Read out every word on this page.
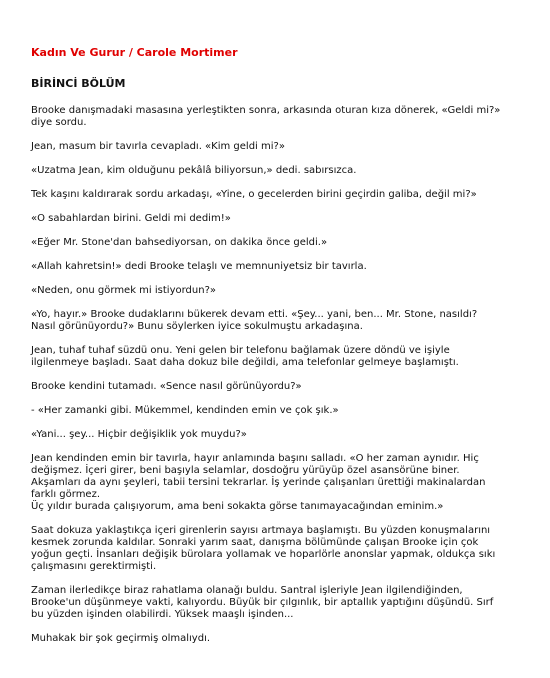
Kadın Ve Gurur / Carole Mortimer
BİRİNCİ BÖLÜM

Brooke danışmadaki masasına yerleştikten sonra, arkasında oturan kıza dönerek, «Geldi mi?»
diye sordu.

Jean, masum bir tavırla cevapladı. «Kim geldi mi?»

«Uzatma Jean, kim olduğunu pekâlâ biliyorsun,» dedi. sabırsızca.

Tek kaşını kaldırarak sordu arkadaşı, «Yine, o gecelerden birini geçirdin galiba, değil mi?»

«O sabahlardan birini. Geldi mi dedim!»

«Eğer Mr. Stone'dan bahsediyorsan, on dakika önce geldi.»

«Allah kahretsin!» dedi Brooke telaşlı ve memnuniyetsiz bir tavırla.

«Neden, onu görmek mi istiyordun?»

«Yo, hayır.» Brooke dudaklarını bükerek devam etti. «Şey... yani, ben... Mr. Stone, nasıldı?
Nasıl görünüyordu?» Bunu söylerken iyice sokulmuştu arkadaşına.

Jean, tuhaf tuhaf süzdü onu. Yeni gelen bir telefonu bağlamak üzere döndü ve işiyle
ilgilenmeye başladı. Saat daha dokuz bile değildi, ama telefonlar gelmeye başlamıştı.

Brooke kendini tutamadı. «Sence nasıl görünüyordu?»

- «Her zamanki gibi. Mükemmel, kendinden emin ve çok şık.»

«Yani... şey... Hiçbir değişiklik yok muydu?»

Jean kendinden emin bir tavırla, hayır anlamında başını salladı. «O her zaman aynıdır. Hiç
değişmez. İçeri girer, beni başıyla selamlar, dosdoğru yürüyüp özel asansörüne biner.
Akşamları da aynı şeyleri, tabii tersini tekrarlar. İş yerinde çalışanları ürettiği makinalardan
farklı görmez.
Üç yıldır burada çalışıyorum, ama beni sokakta görse tanımayacağından eminim.»

Saat dokuza yaklaştıkça içeri girenlerin sayısı artmaya başlamıştı. Bu yüzden konuşmalarını
kesmek zorunda kaldılar. Sonraki yarım saat, danışma bölümünde çalışan Brooke için çok
yoğun geçti. İnsanları değişik bürolara yollamak ve hoparlörle anonslar yapmak, oldukça sıkı
çalışmasını gerektirmişti.

Zaman ilerledikçe biraz rahatlama olanağı buldu. Santral işleriyle Jean ilgilendiğinden,
Brooke'un düşünmeye vakti, kalıyordu. Büyük bir çılgınlık, bir aptallık yaptığını düşündü. Sırf
bu yüzden işinden olabilirdi. Yüksek maaşlı işinden...

Muhakak bir şok geçirmiş olmalıydı.
